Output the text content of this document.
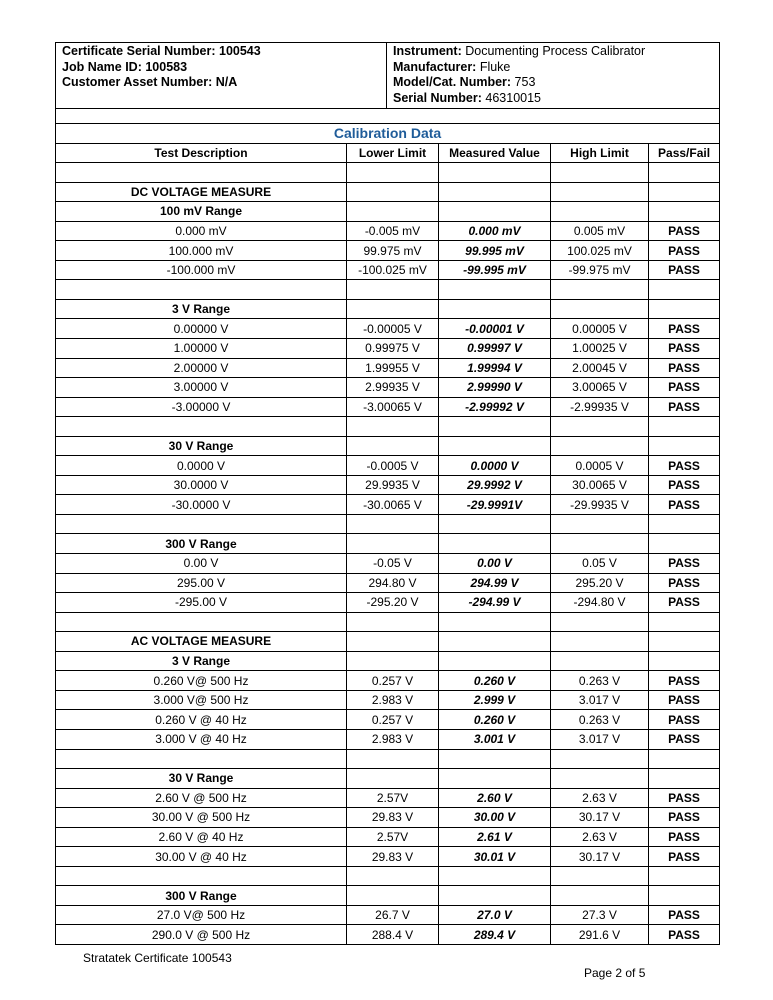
Certificate Serial Number: 100543
Job Name ID: 100583
Customer Asset Number: N/A

Instrument: Documenting Process Calibrator
Manufacturer: Fluke
Model/Cat. Number: 753
Serial Number: 46310015

Calibration Data				
Test Description	Lower Limit	Measured Value	High Limit	Pass/Fail

DC VOLTAGE MEASURE				
100 mV Range				
0.000 mV	-0.005 mV	0.000 mV	0.005 mV	PASS
100.000 mV	99.975 mV	99.995 mV	100.025 mV	PASS
-100.000 mV	-100.025 mV	-99.995 mV	-99.975 mV	PASS

3 V Range				
0.00000 V	-0.00005 V	-0.00001 V	0.00005 V	PASS
1.00000 V	0.99975 V	0.99997 V	1.00025 V	PASS
2.00000 V	1.99955 V	1.99994 V	2.00045 V	PASS
3.00000 V	2.99935 V	2.99990 V	3.00065 V	PASS
-3.00000 V	-3.00065 V	-2.99992 V	-2.99935 V	PASS

30 V Range				
0.0000 V	-0.0005 V	0.0000 V	0.0005 V	PASS
30.0000 V	29.9935 V	29.9992 V	30.0065 V	PASS
-30.0000 V	-30.0065 V	-29.9991V	-29.9935 V	PASS

300 V Range				
0.00 V	-0.05 V	0.00 V	0.05 V	PASS
295.00 V	294.80 V	294.99 V	295.20 V	PASS
-295.00 V	-295.20 V	-294.99 V	-294.80 V	PASS

AC VOLTAGE MEASURE				
3 V Range				
0.260 V@ 500 Hz	0.257 V	0.260 V	0.263 V	PASS
3.000 V@ 500 Hz	2.983 V	2.999 V	3.017 V	PASS
0.260 V @ 40 Hz	0.257 V	0.260 V	0.263 V	PASS
3.000 V @ 40 Hz	2.983 V	3.001 V	3.017 V	PASS

30 V Range				
2.60 V @ 500 Hz	2.57V	2.60 V	2.63 V	PASS
30.00 V @ 500 Hz	29.83 V	30.00 V	30.17 V	PASS
2.60 V @ 40 Hz	2.57V	2.61 V	2.63 V	PASS
30.00 V @ 40 Hz	29.83 V	30.01 V	30.17 V	PASS

300 V Range				
27.0 V@ 500 Hz	26.7 V	27.0 V	27.3 V	PASS
290.0 V @ 500 Hz	288.4 V	289.4 V	291.6 V	PASS
Stratatek Certificate 100543
Page 2 of 5
